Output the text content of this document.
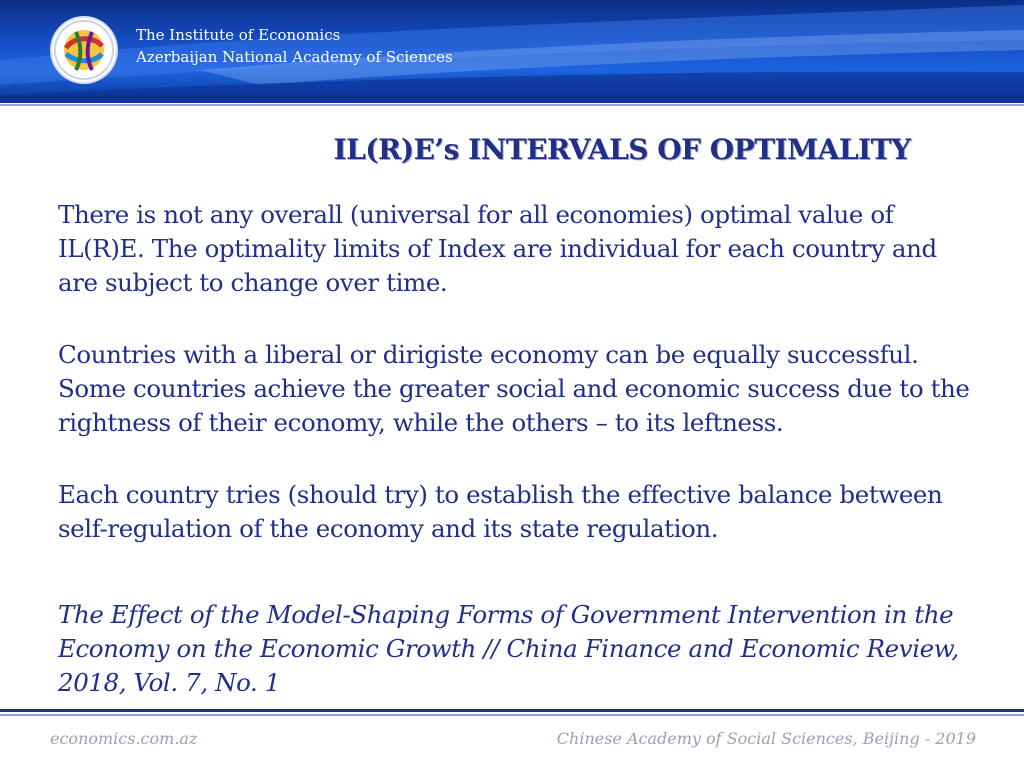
The Institute of Economics
Azerbaijan National Academy of Sciences
IL(R)E’s INTERVALS OF OPTIMALITY

There is not any overall (universal for all economies) optimal value of IL(R)E. The optimality limits of Index are individual for each country and are subject to change over time.

Countries with a liberal or dirigiste economy can be equally successful. Some countries achieve the greater social and economic success due to the rightness of their economy, while the others – to its leftness.

Each country tries (should try) to establish the effective balance between self-regulation of the economy and its state regulation.

The Effect of the Model-Shaping Forms of Government Intervention in the Economy on the Economic Growth // China Finance and Economic Review, 2018, Vol. 7, No. 1

economics.com.az	Chinese Academy of Social Sciences, Beijing - 2019
